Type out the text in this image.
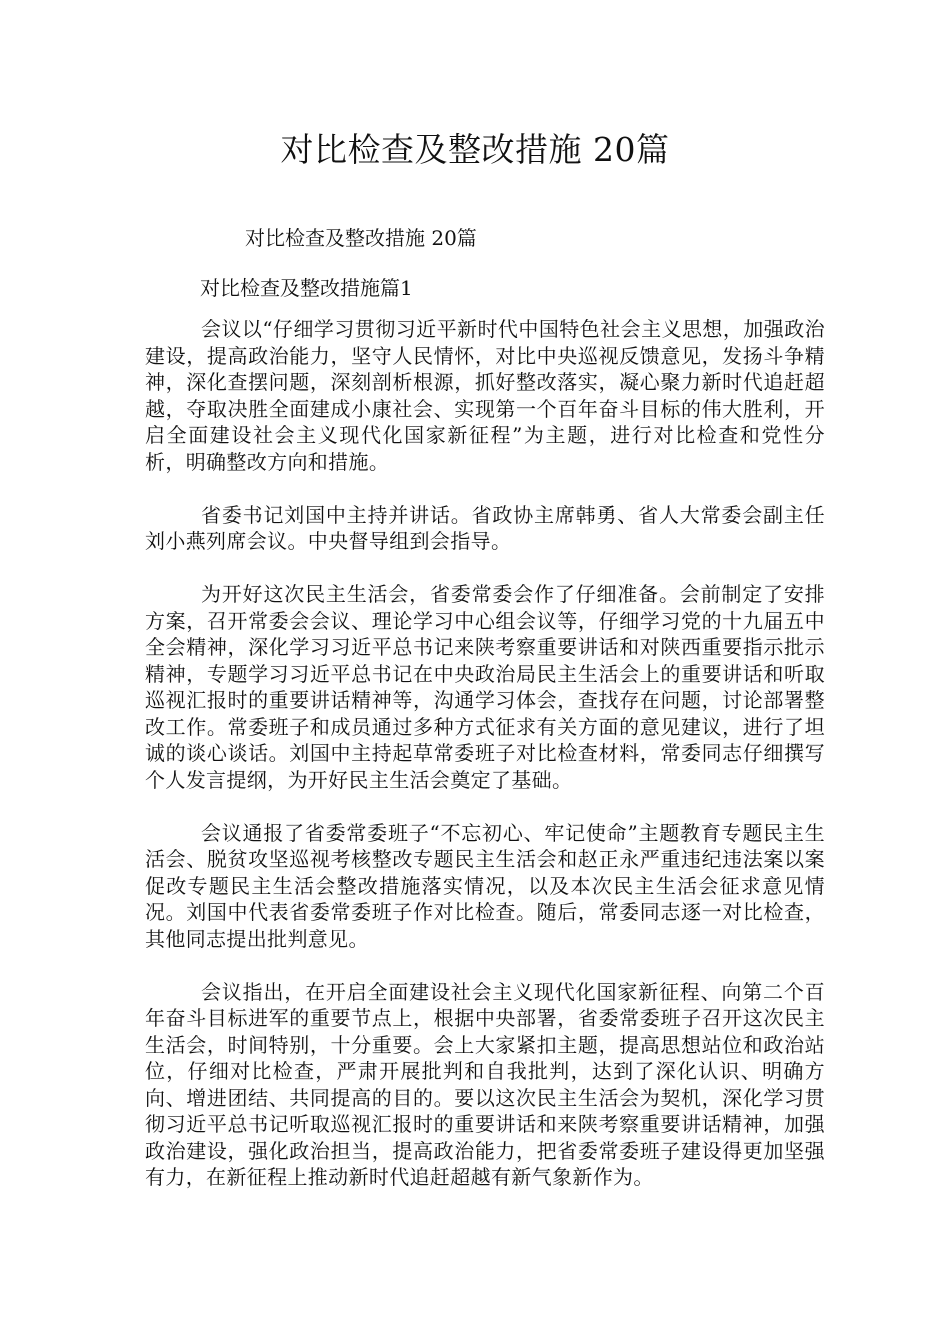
对比检查及整改措施 20篇

对比检查及整改措施 20篇

对比检查及整改措施篇1

会议以“仔细学习贯彻习近平新时代中国特色社会主义思想，加强政治建设，提高政治能力，坚守人民情怀，对比中央巡视反馈意见，发扬斗争精神，深化查摆问题，深刻剖析根源，抓好整改落实，凝心聚力新时代追赶超越，夺取决胜全面建成小康社会、实现第一个百年奋斗目标的伟大胜利，开启全面建设社会主义现代化国家新征程”为主题，进行对比检查和党性分析，明确整改方向和措施。

省委书记刘国中主持并讲话。省政协主席韩勇、省人大常委会副主任刘小燕列席会议。中央督导组到会指导。

为开好这次民主生活会，省委常委会作了仔细准备。会前制定了安排方案，召开常委会会议、理论学习中心组会议等，仔细学习党的十九届五中全会精神，深化学习习近平总书记来陕考察重要讲话和对陕西重要指示批示精神，专题学习习近平总书记在中央政治局民主生活会上的重要讲话和听取巡视汇报时的重要讲话精神等，沟通学习体会，查找存在问题，讨论部署整改工作。常委班子和成员通过多种方式征求有关方面的意见建议，进行了坦诚的谈心谈话。刘国中主持起草常委班子对比检查材料，常委同志仔细撰写个人发言提纲，为开好民主生活会奠定了基础。

会议通报了省委常委班子“不忘初心、牢记使命”主题教育专题民主生活会、脱贫攻坚巡视考核整改专题民主生活会和赵正永严重违纪违法案以案促改专题民主生活会整改措施落实情况，以及本次民主生活会征求意见情况。刘国中代表省委常委班子作对比检查。随后，常委同志逐一对比检查，其他同志提出批判意见。

会议指出，在开启全面建设社会主义现代化国家新征程、向第二个百年奋斗目标进军的重要节点上，根据中央部署，省委常委班子召开这次民主生活会，时间特别，十分重要。会上大家紧扣主题，提高思想站位和政治站位，仔细对比检查，严肃开展批判和自我批判，达到了深化认识、明确方向、增进团结、共同提高的目的。要以这次民主生活会为契机，深化学习贯彻习近平总书记听取巡视汇报时的重要讲话和来陕考察重要讲话精神，加强政治建设，强化政治担当，提高政治能力，把省委常委班子建设得更加坚强有力，在新征程上推动新时代追赶超越有新气象新作为。
